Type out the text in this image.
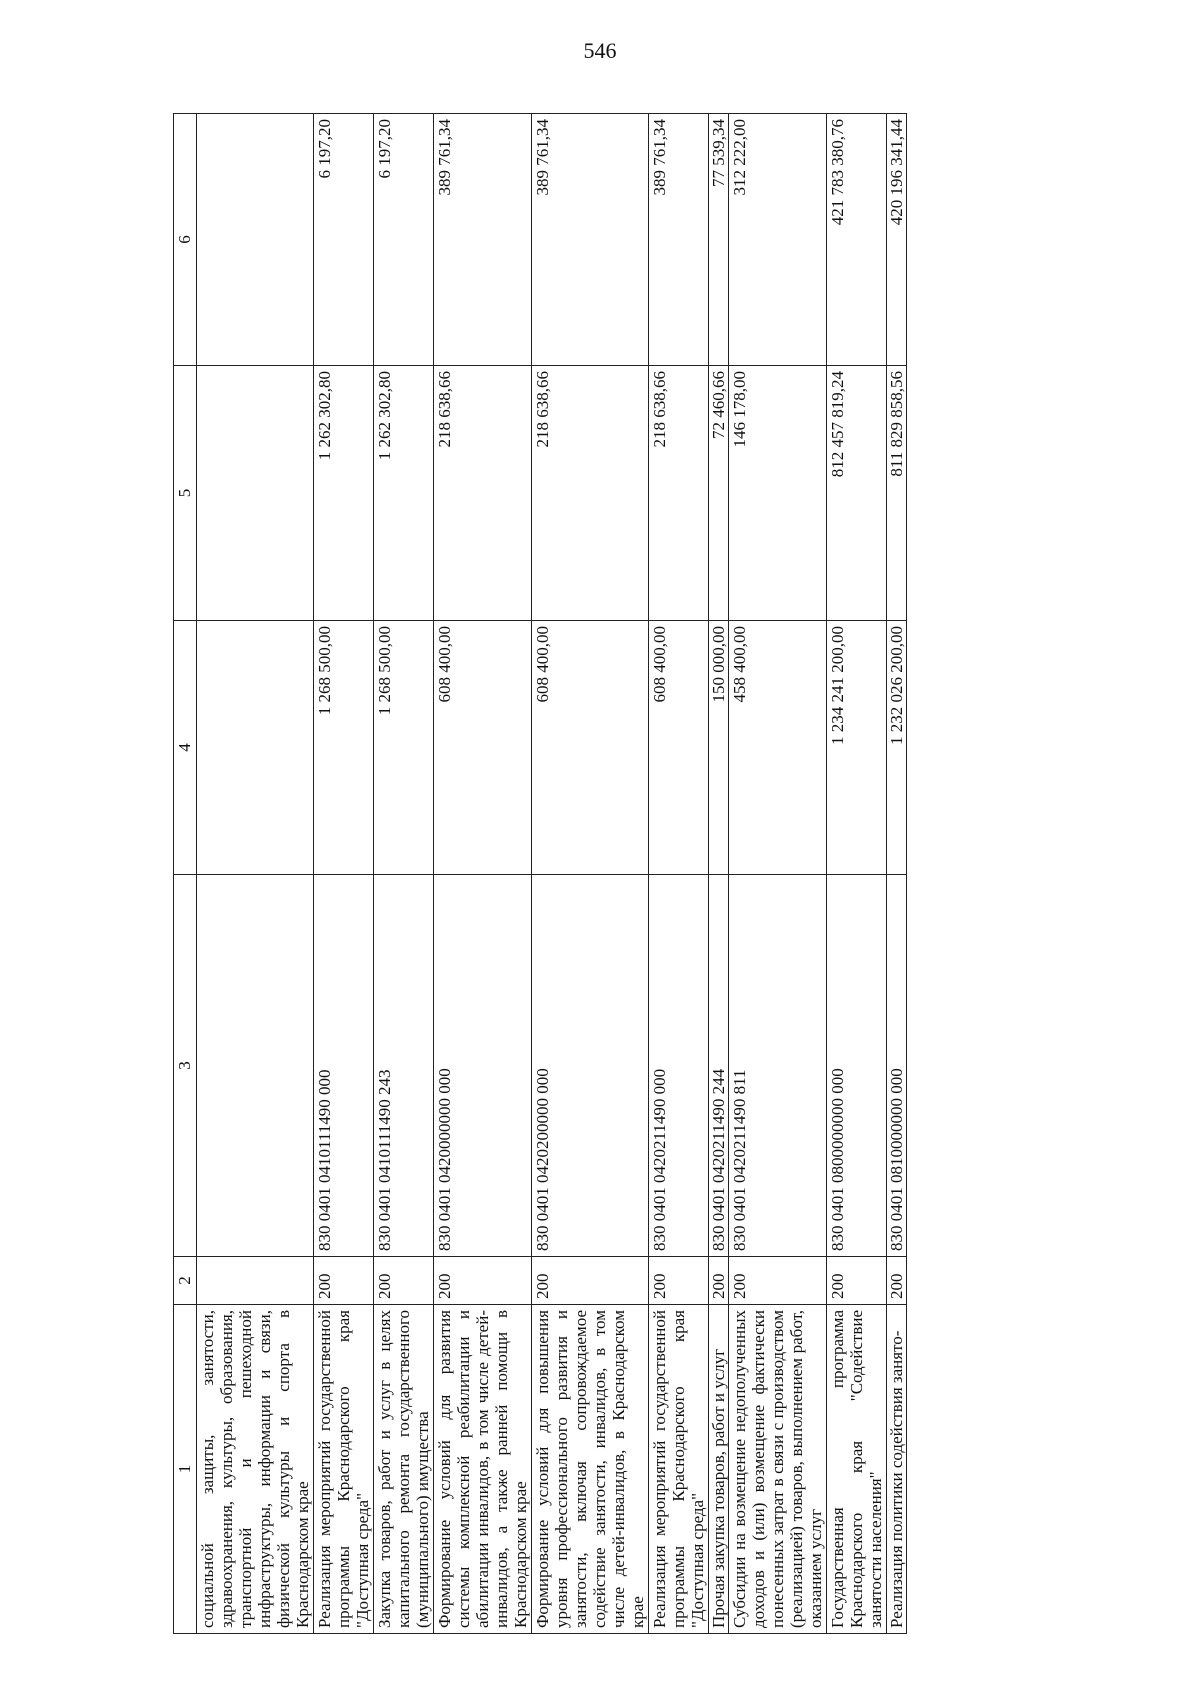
546
1	2	3	4	5	6
социальной защиты, занятости, здравоохранения, культуры, образования, транспортной и пешеходной инфраструктуры, информации и связи, физической культуры и спорта в Краснодарском крае					
Реализация мероприятий государственной программы Краснодарского края "Доступная среда"	200	830 0401 0410111490 000	1 268 500,00	1 262 302,80	6 197,20
Закупка товаров, работ и услуг в целях капитального ремонта государственного (муниципального) имущества	200	830 0401 0410111490 243	1 268 500,00	1 262 302,80	6 197,20
Формирование условий для развития системы комплексной реабилитации и абилитации инвалидов, в том числе детей-инвалидов, а также ранней помощи в Краснодарском крае	200	830 0401 0420000000 000	608 400,00	218 638,66	389 761,34
Формирование условий для повышения уровня профессионального развития и занятости, включая сопровождаемое содействие занятости, инвалидов, в том числе детей-инвалидов, в Краснодарском крае	200	830 0401 0420200000 000	608 400,00	218 638,66	389 761,34
Реализация мероприятий государственной программы Краснодарского края "Доступная среда"	200	830 0401 0420211490 000	608 400,00	218 638,66	389 761,34
Прочая закупка товаров, работ и услуг	200	830 0401 0420211490 244	150 000,00	72 460,66	77 539,34
Субсидии на возмещение недополученных доходов и (или) возмещение фактически понесенных затрат в связи с производством (реализацией) товаров, выполнением работ, оказанием услуг	200	830 0401 0420211490 811	458 400,00	146 178,00	312 222,00
Государственная программа Краснодарского края "Содействие занятости населения"	200	830 0401 0800000000 000	1 234 241 200,00	812 457 819,24	421 783 380,76
Реализация политики содействия занято-	200	830 0401 0810000000 000	1 232 026 200,00	811 829 858,56	420 196 341,44
